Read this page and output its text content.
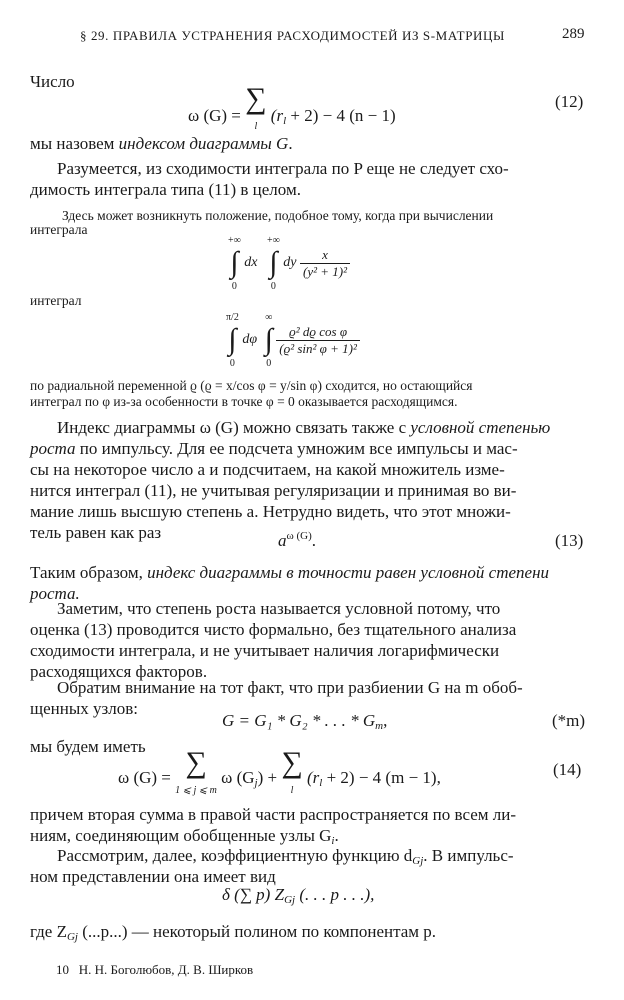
§ 29. ПРАВИЛА УСТРАНЕНИЯ РАСХОДИМОСТЕЙ ИЗ S-МАТРИЦЫ	289
Число
ω (G) = ∑
l $(r_l + 2) - 4$ (n − 1)
(12)
мы назовем индексом диаграммы G.
Разумеется, из сходимости интеграла по P еще не следует схо-
димость интеграла типа (11) в целом.
Здесь может возникнуть положение, подобное тому, когда при вычислении
интеграла
+∞
∫
0 dx +∞
∫
0 dy $\frac{x}{\text{(y² + 1)²}}$
интеграл
π/2
∫
0 dφ ∞
∫
0
$\frac{\text{ϱ² dϱ cos φ}}{\text{(ϱ² sin² φ + 1)²}}$
по радиальной переменной ϱ (ϱ = x/cos φ = y/sin φ) сходится, но остающийся
интеграл по φ из-за особенности в точке φ = 0 оказывается расходящимся.
Индекс диаграммы ω (G) можно связать также с условной степенью
роста по импульсу. Для ее подсчета умножим все импульсы и мас-
сы на некоторое число a и подсчитаем, на какой множитель изме-
нится интеграл (11), не учитывая регуляризации и принимая во ви-
мание лишь высшую степень a. Нетрудно видеть, что этот множи-
тель равен как раз	$a^{\omega (G)}$.	(13)
Таким образом, индекс диаграммы в точности равен условной степени
роста.
Заметим, что степень роста называется условной потому, что
оценка (13) проводится чисто формально, без тщательного анализа
сходимости интеграла, и не учитывает наличия логарифмически
расходящихся факторов.
Обратим внимание на тот факт, что при разбиении G на m обоб-
щенных узлов:
G = G₁ * G₂ * . . . * $G_m$,	(*m)
мы будем иметь
ω (G) = ∑
1 ⩽ j ⩽ m ω $(G_j)$ + ∑
l $(r_l + 2) - 4$ (m − 1),	(14)
причем вторая сумма в правой части распространяется по всем ли-
ниям, соединяющим обобщенные узлы $G_i$.
Рассмотрим, далее, коэффициентную функцию $d_{Gj}$. В импульс-
ном представлении она имеет вид
δ (∑ p) $Z_{Gj}$ (. . . p . . .),
где $Z_{Gj}$ (...p...) — некоторый полином по компонентам p.
10 Н. Н. Боголюбов, Д. В. Ширков
